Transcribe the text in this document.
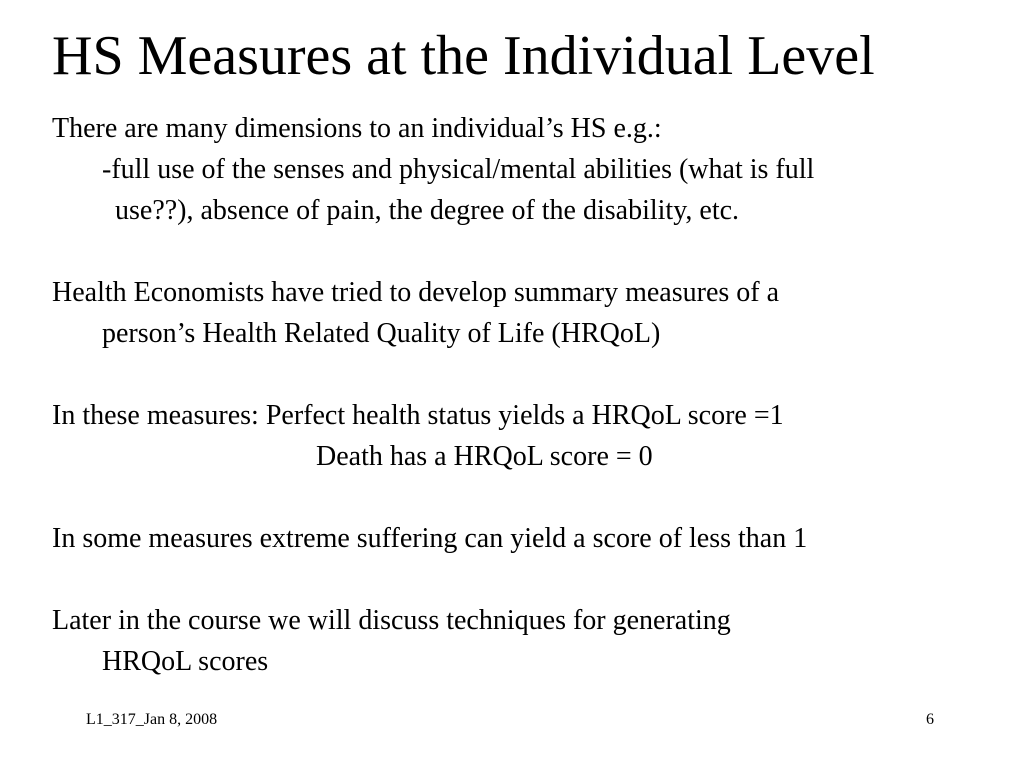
HS Measures at the Individual Level
There are many dimensions to an individual’s HS e.g.:
-full use of the senses and physical/mental abilities (what is full
use??), absence of pain, the degree of the disability, etc.
Health Economists have tried to develop summary measures of a
person’s Health Related Quality of Life (HRQoL)
In these measures: Perfect health status yields a HRQoL score =1
Death has a HRQoL score = 0
In some measures extreme suffering can yield a score of less than 1
Later in the course we will discuss techniques for generating
HRQoL scores
L1_317_Jan 8, 2008	6
